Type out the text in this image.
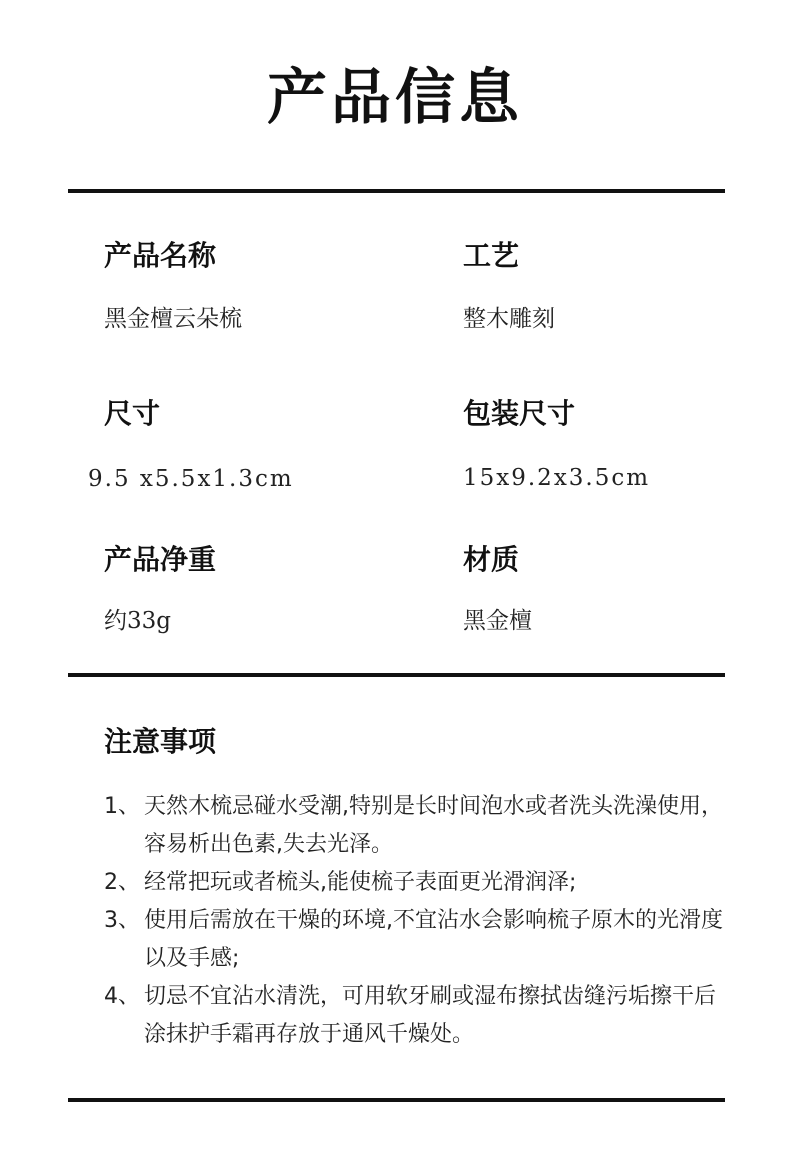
产品信息
产品名称
黑金檀云朵梳
工艺
整木雕刻
尺寸
9.5 x5.5x1.3cm
包装尺寸
15x9.2x3.5cm
产品净重
约33g
材质
黑金檀
注意事项
1、 天然木梳忌碰水受潮,特别是长时间泡水或者洗头洗澡使用，容易析出色素,失去光泽。
2、 经常把玩或者梳头,能使梳子表面更光滑润泽;
3、 使用后需放在干燥的环境,不宜沾水会影响梳子原木的光滑度以及手感;
4、 切忌不宜沾水清洗，可用软牙刷或湿布擦拭齿缝污垢擦干后涂抹护手霜再存放于通风千燥处。
